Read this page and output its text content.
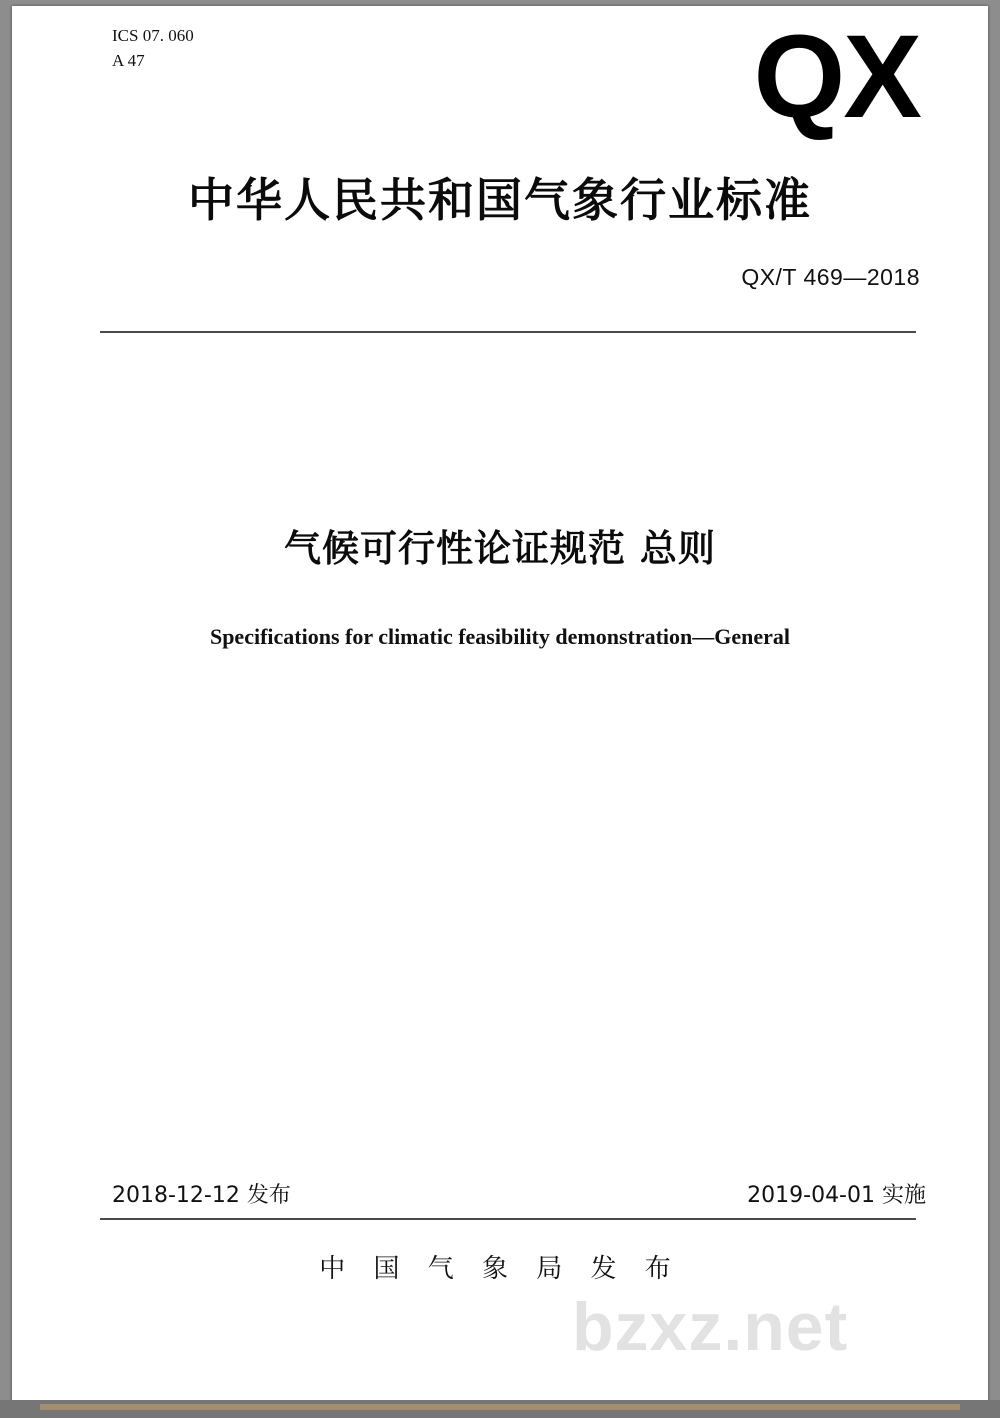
ICS 07. 060
A 47	QX
中华人民共和国气象行业标准
QX/T 469—2018
气候可行性论证规范 总则
Specifications for climatic feasibility demonstration—General
2018-12-12 发布	2019-04-01 实施
中 国 气 象 局 发 布
bzxz.net
